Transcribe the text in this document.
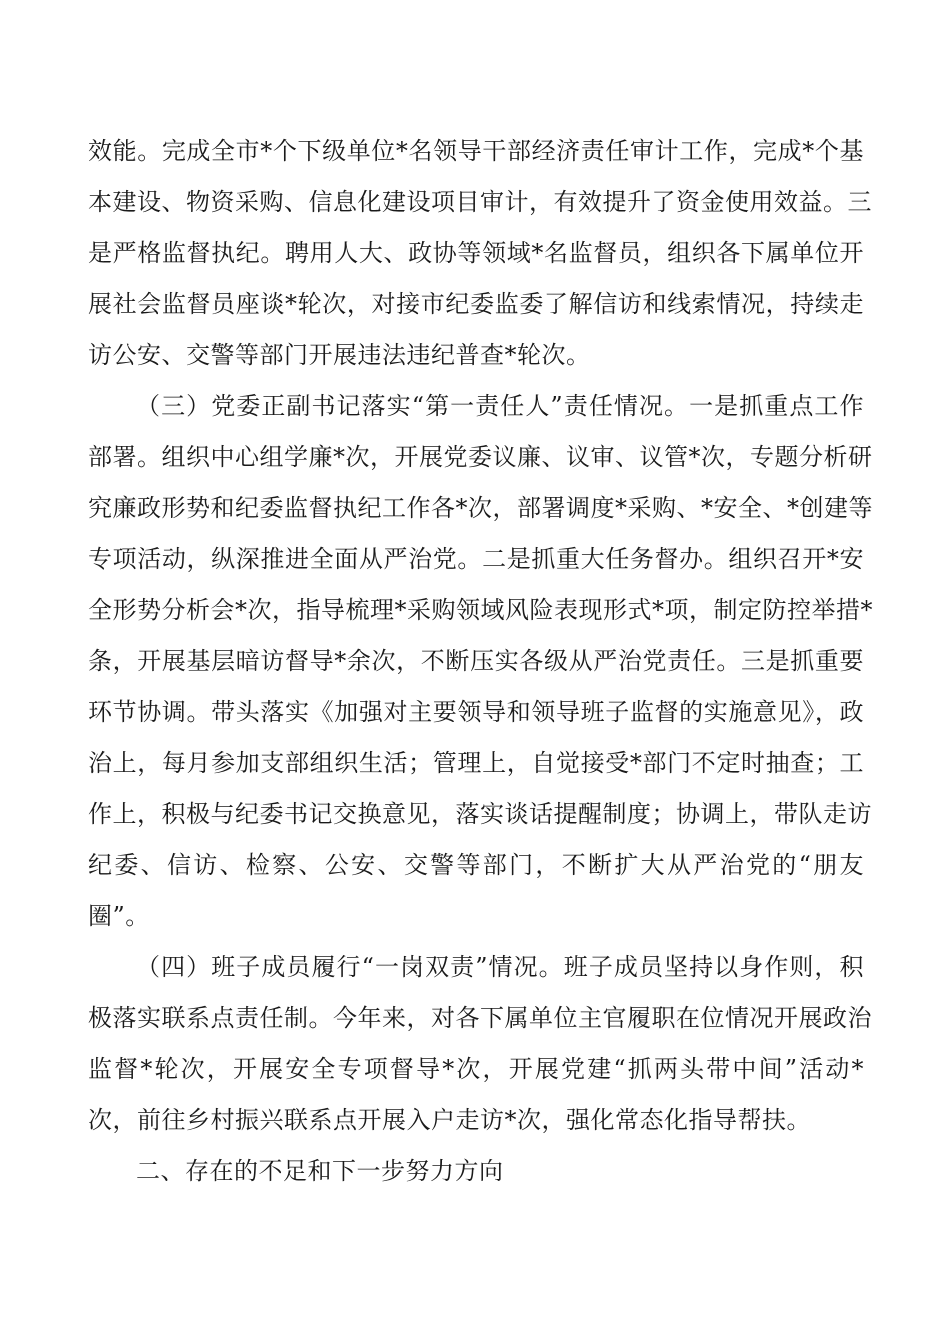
效能。完成全市*个下级单位*名领导干部经济责任审计工作，完成*个基
本建设、物资采购、信息化建设项目审计，有效提升了资金使用效益。三
是严格监督执纪。聘用人大、政协等领域*名监督员，组织各下属单位开
展社会监督员座谈*轮次，对接市纪委监委了解信访和线索情况，持续走
访公安、交警等部门开展违法违纪普查*轮次。
（三）党委正副书记落实“第一责任人”责任情况。一是抓重点工作
部署。组织中心组学廉*次，开展党委议廉、议审、议管*次，专题分析研
究廉政形势和纪委监督执纪工作各*次，部署调度*采购、*安全、*创建等
专项活动，纵深推进全面从严治党。二是抓重大任务督办。组织召开*安
全形势分析会*次，指导梳理*采购领域风险表现形式*项，制定防控举措*
条，开展基层暗访督导*余次，不断压实各级从严治党责任。三是抓重要
环节协调。带头落实《加强对主要领导和领导班子监督的实施意见》，政
治上，每月参加支部组织生活；管理上，自觉接受*部门不定时抽查；工
作上，积极与纪委书记交换意见，落实谈话提醒制度；协调上，带队走访
纪委、信访、检察、公安、交警等部门，不断扩大从严治党的“朋友
圈”。
（四）班子成员履行“一岗双责”情况。班子成员坚持以身作则，积
极落实联系点责任制。今年来，对各下属单位主官履职在位情况开展政治
监督*轮次，开展安全专项督导*次，开展党建“抓两头带中间”活动*
次，前往乡村振兴联系点开展入户走访*次，强化常态化指导帮扶。
二、存在的不足和下一步努力方向
